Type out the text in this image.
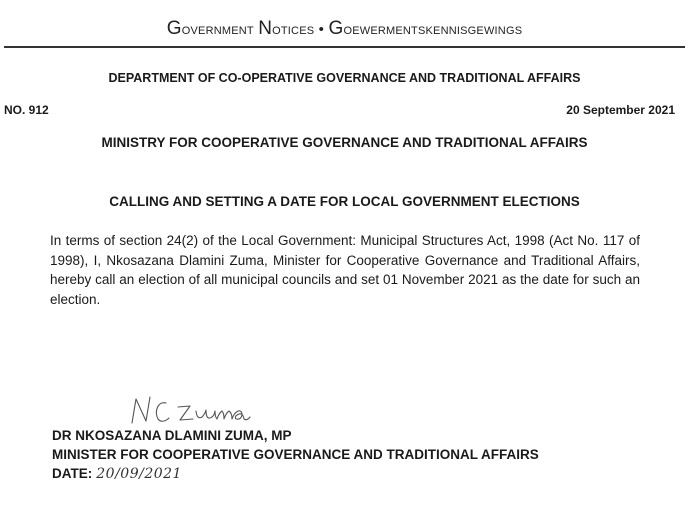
Government Notices • Goewermentskennisgewings
DEPARTMENT OF CO-OPERATIVE GOVERNANCE AND TRADITIONAL AFFAIRS
NO. 912	20 September 2021
MINISTRY FOR COOPERATIVE GOVERNANCE AND TRADITIONAL AFFAIRS
CALLING AND SETTING A DATE FOR LOCAL GOVERNMENT ELECTIONS

In terms of section 24(2) of the Local Government: Municipal Structures Act, 1998 (Act No. 117 of 1998), I, Nkosazana Dlamini Zuma, Minister for Cooperative Governance and Traditional Affairs, hereby call an election of all municipal councils and set 01 November 2021 as the date for such an election.

DR NKOSAZANA DLAMINI ZUMA, MP
MINISTER FOR COOPERATIVE GOVERNANCE AND TRADITIONAL AFFAIRS
DATE: 20/09/2021
